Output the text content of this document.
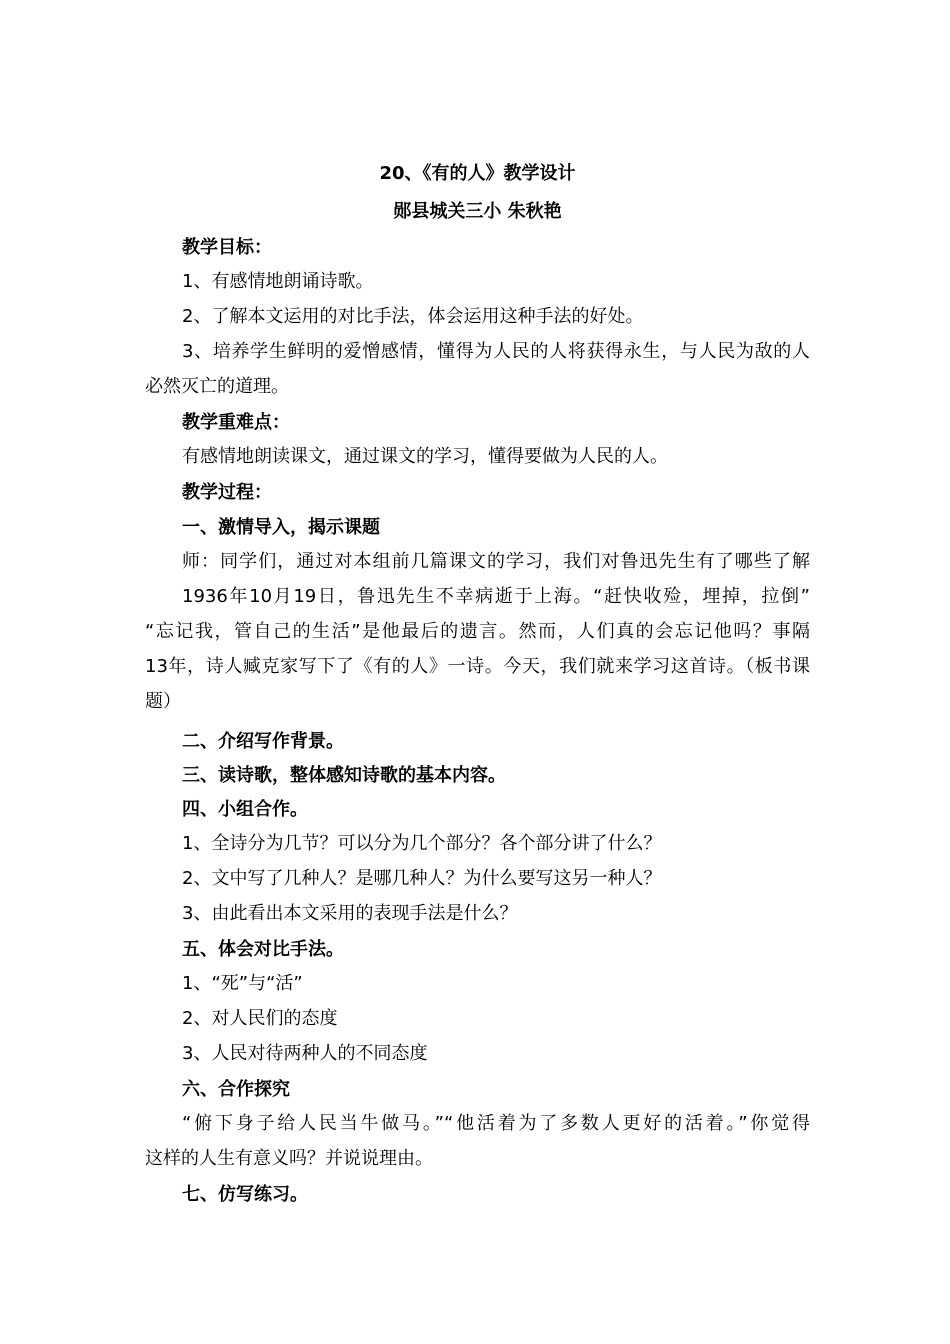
20、《有的人》教学设计
郧县城关三小 朱秋艳
教学目标：
1、有感情地朗诵诗歌。
2、了解本文运用的对比手法，体会运用这种手法的好处。
3、培养学生鲜明的爱憎感情，懂得为人民的人将获得永生，与人民为敌的人
必然灭亡的道理。
教学重难点：
有感情地朗读课文，通过课文的学习，懂得要做为人民的人。
教学过程：
一、激情导入，揭示课题
师：同学们，通过对本组前几篇课文的学习，我们对鲁迅先生有了哪些了解
1936年10月19日，鲁迅先生不幸病逝于上海。“赶快收殓，埋掉，拉倒”
“忘记我，管自己的生活”是他最后的遗言。然而，人们真的会忘记他吗？事隔
13年，诗人臧克家写下了《有的人》一诗。今天，我们就来学习这首诗。（板书课
题）
二、介绍写作背景。
三、读诗歌，整体感知诗歌的基本内容。
四、小组合作。
1、全诗分为几节？可以分为几个部分？各个部分讲了什么？
2、文中写了几种人？是哪几种人？为什么要写这另一种人？
3、由此看出本文采用的表现手法是什么？
五、体会对比手法。
1、“死”与“活”
2、对人民们的态度
3、人民对待两种人的不同态度
六、合作探究
“俯下身子给人民当牛做马。”“他活着为了多数人更好的活着。”你觉得
这样的人生有意义吗？并说说理由。
七、仿写练习。
